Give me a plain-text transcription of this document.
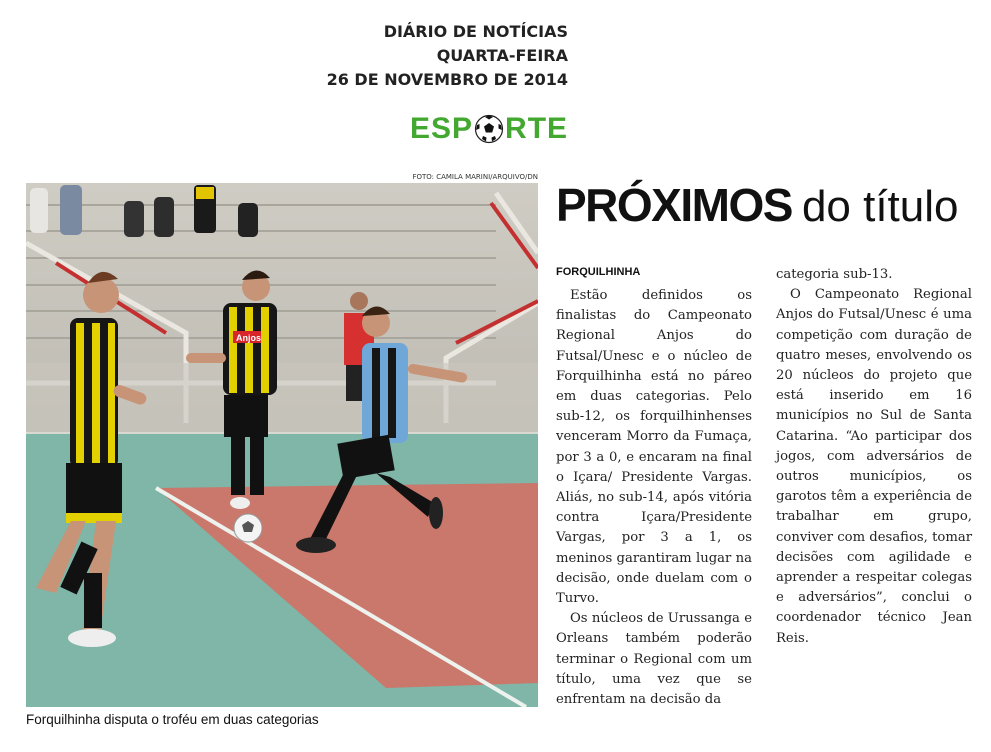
DIÁRIO DE NOTÍCIAS
QUARTA-FEIRA
26 DE NOVEMBRO DE 2014
ESP RTE
FOTO: CAMILA MARINI/ARQUIVO/DN
Anjos
Forquilhinha disputa o troféu em duas categorias
PRÓXIMOS do título
FORQUILHINHA

Estão definidos os finalistas do Campeonato Regional Anjos do Futsal/Unesc e o núcleo de Forquilhinha está no páreo em duas categorias. Pelo sub-12, os forquilhinhenses venceram Morro da Fumaça, por 3 a 0, e encaram na final o Içara/ Presidente Vargas. Aliás, no sub-14, após vitória contra Içara/Presidente Vargas, por 3 a 1, os meninos garantiram lugar na decisão, onde duelam com o Turvo.

Os núcleos de Urussanga e Orleans também poderão terminar o Regional com um título, uma vez que se enfrentam na decisão da

categoria sub-13.

O Campeonato Regional Anjos do Futsal/Unesc é uma competição com duração de quatro meses, envolvendo os 20 núcleos do projeto que está inserido em 16 municípios no Sul de Santa Catarina. “Ao participar dos jogos, com adversários de outros municípios, os garotos têm a experiência de trabalhar em grupo, conviver com desafios, tomar decisões com agilidade e aprender a respeitar colegas e adversários”, conclui o coordenador técnico Jean Reis.
